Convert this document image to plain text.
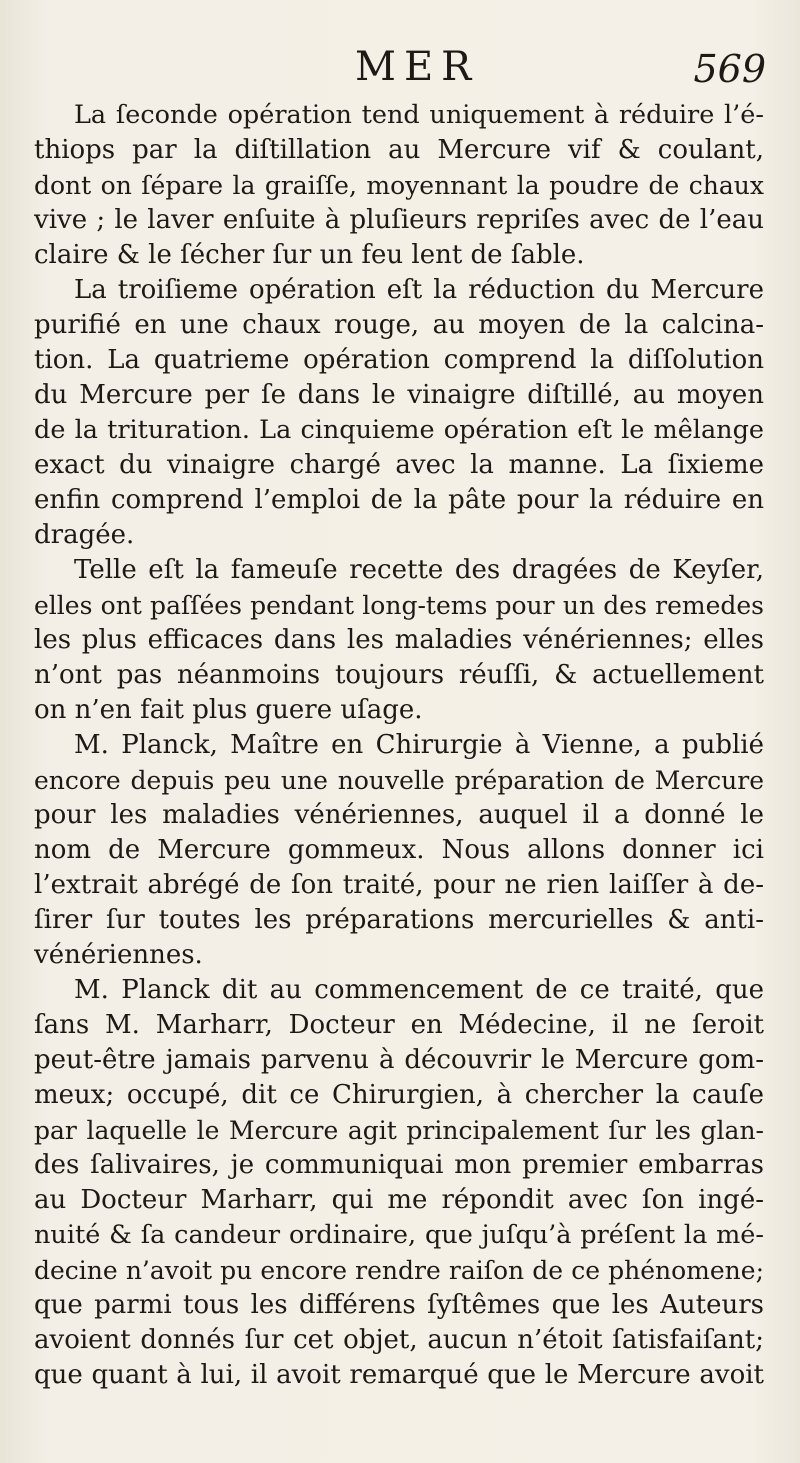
MER	569
La ſeconde opération tend uniquement à réduire l’é-
thiops par la diſtillation au Mercure vif & coulant,
dont on ſépare la graiſſe, moyennant la poudre de chaux
vive ; le laver enſuite à pluſieurs repriſes avec de l’eau
claire & le ſécher ſur un feu lent de ſable.
La troiſieme opération eſt la réduction du Mercure
purifié en une chaux rouge, au moyen de la calcina-
tion. La quatrieme opération comprend la diſſolution
du Mercure per ſe dans le vinaigre diſtillé, au moyen
de la trituration. La cinquieme opération eſt le mêlange
exact du vinaigre chargé avec la manne. La ſixieme
enfin comprend l’emploi de la pâte pour la réduire en
dragée.
Telle eſt la fameuſe recette des dragées de Keyſer,
elles ont paſſées pendant long-tems pour un des remedes
les plus efficaces dans les maladies vénériennes; elles
n’ont pas néanmoins toujours réuſſi, & actuellement
on n’en fait plus guere uſage.
M. Planck, Maître en Chirurgie à Vienne, a publié
encore depuis peu une nouvelle préparation de Mercure
pour les maladies vénériennes, auquel il a donné le
nom de Mercure gommeux. Nous allons donner ici
l’extrait abrégé de ſon traité, pour ne rien laiſſer à de-
ſirer ſur toutes les préparations mercurielles & anti-
vénériennes.
M. Planck dit au commencement de ce traité, que
ſans M. Marharr, Docteur en Médecine, il ne ſeroit
peut-être jamais parvenu à découvrir le Mercure gom-
meux; occupé, dit ce Chirurgien, à chercher la cauſe
par laquelle le Mercure agit principalement ſur les glan-
des ſalivaires, je communiquai mon premier embarras
au Docteur Marharr, qui me répondit avec ſon ingé-
nuité & ſa candeur ordinaire, que juſqu’à préſent la mé-
decine n’avoit pu encore rendre raiſon de ce phénomene;
que parmi tous les différens ſyſtêmes que les Auteurs
avoient donnés ſur cet objet, aucun n’étoit ſatisfaiſant;
que quant à lui, il avoit remarqué que le Mercure avoit
